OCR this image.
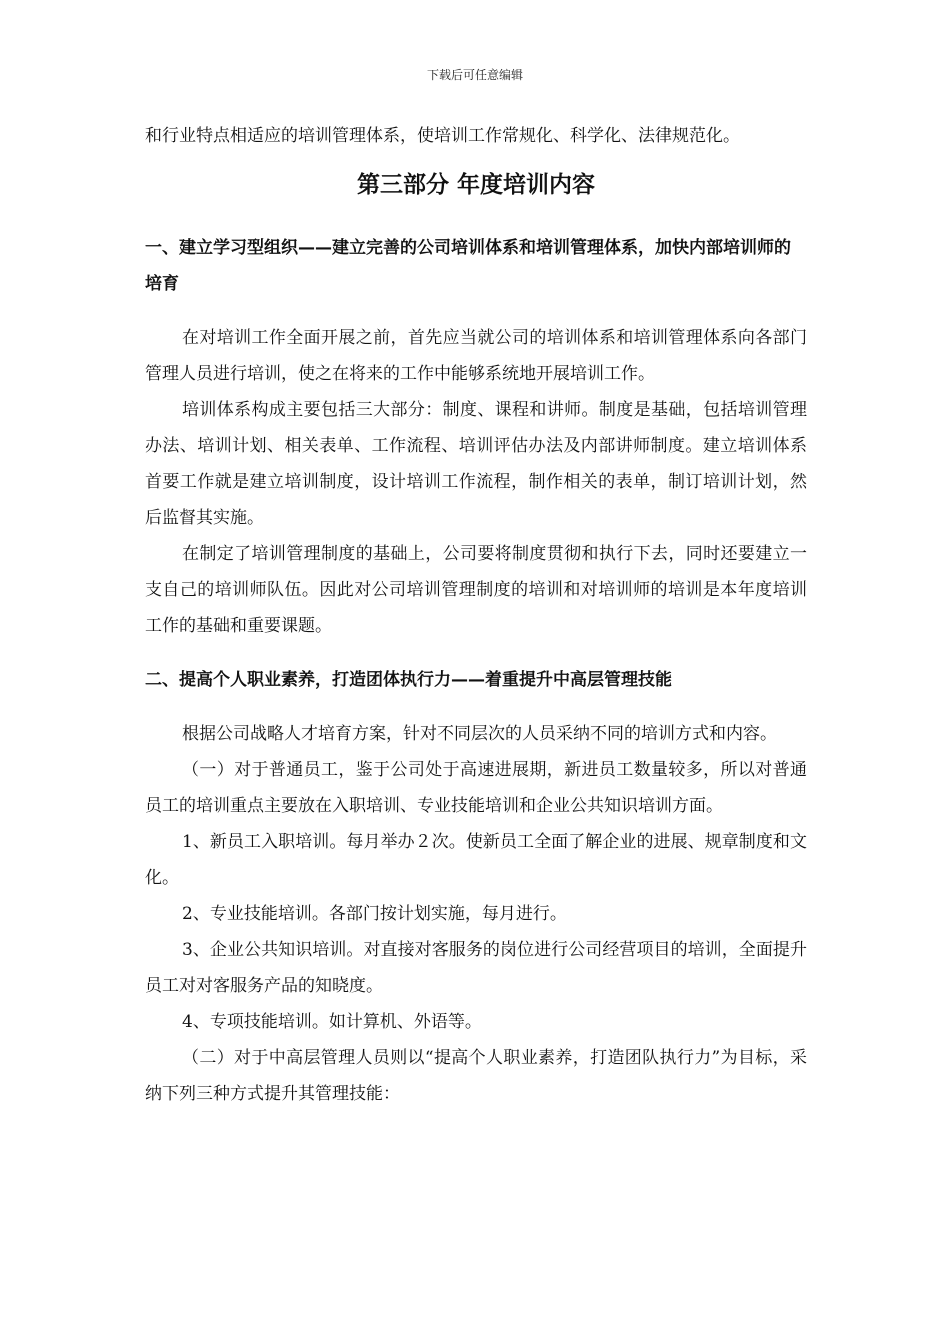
下载后可任意编辑

和行业特点相适应的培训管理体系，使培训工作常规化、科学化、法律规范化。

第三部分 年度培训内容
一、建立学习型组织——建立完善的公司培训体系和培训管理体系，加快内部培训师的培育

在对培训工作全面开展之前，首先应当就公司的培训体系和培训管理体系向各部门管理人员进行培训，使之在将来的工作中能够系统地开展培训工作。

培训体系构成主要包括三大部分：制度、课程和讲师。制度是基础，包括培训管理办法、培训计划、相关表单、工作流程、培训评估办法及内部讲师制度。建立培训体系首要工作就是建立培训制度，设计培训工作流程，制作相关的表单，制订培训计划，然后监督其实施。

在制定了培训管理制度的基础上，公司要将制度贯彻和执行下去，同时还要建立一支自己的培训师队伍。因此对公司培训管理制度的培训和对培训师的培训是本年度培训工作的基础和重要课题。

二、提高个人职业素养，打造团体执行力——着重提升中高层管理技能

根据公司战略人才培育方案，针对不同层次的人员采纳不同的培训方式和内容。

（一）对于普通员工，鉴于公司处于高速进展期，新进员工数量较多，所以对普通员工的培训重点主要放在入职培训、专业技能培训和企业公共知识培训方面。

1、新员工入职培训。每月举办２次。使新员工全面了解企业的进展、规章制度和文化。

2、专业技能培训。各部门按计划实施，每月进行。

3、企业公共知识培训。对直接对客服务的岗位进行公司经营项目的培训，全面提升员工对对客服务产品的知晓度。

4、专项技能培训。如计算机、外语等。

（二）对于中高层管理人员则以“提高个人职业素养，打造团队执行力”为目标，采纳下列三种方式提升其管理技能：
